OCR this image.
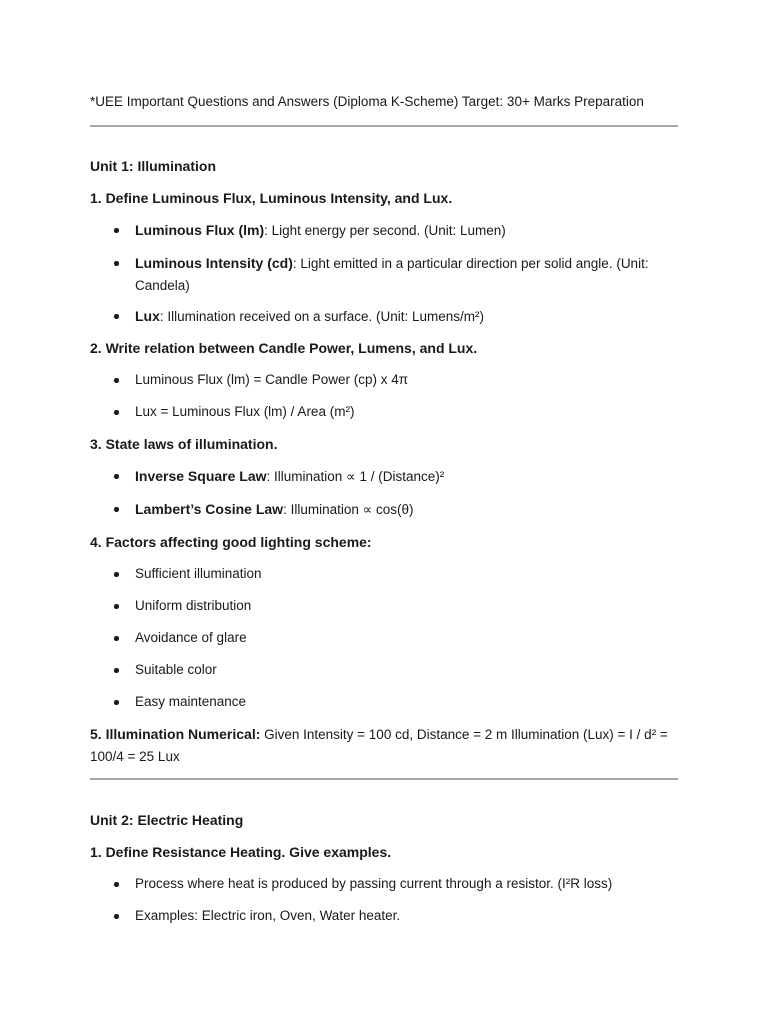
*UEE Important Questions and Answers (Diploma K-Scheme) Target: 30+ Marks Preparation
Unit 1: Illumination
1. Define Luminous Flux, Luminous Intensity, and Lux.
Luminous Flux (lm): Light energy per second. (Unit: Lumen)
Luminous Intensity (cd): Light emitted in a particular direction per solid angle. (Unit: Candela)
Lux: Illumination received on a surface. (Unit: Lumens/m²)
2. Write relation between Candle Power, Lumens, and Lux.
Luminous Flux (lm) = Candle Power (cp) x 4π
Lux = Luminous Flux (lm) / Area (m²)
3. State laws of illumination.
Inverse Square Law: Illumination ∝ 1 / (Distance)²
Lambert’s Cosine Law: Illumination ∝ cos(θ)
4. Factors affecting good lighting scheme:
Sufficient illumination
Uniform distribution
Avoidance of glare
Suitable color
Easy maintenance
5. Illumination Numerical: Given Intensity = 100 cd, Distance = 2 m Illumination (Lux) = I / d² = 100/4 = 25 Lux
Unit 2: Electric Heating
1. Define Resistance Heating. Give examples.
Process where heat is produced by passing current through a resistor. (I²R loss)
Examples: Electric iron, Oven, Water heater.
